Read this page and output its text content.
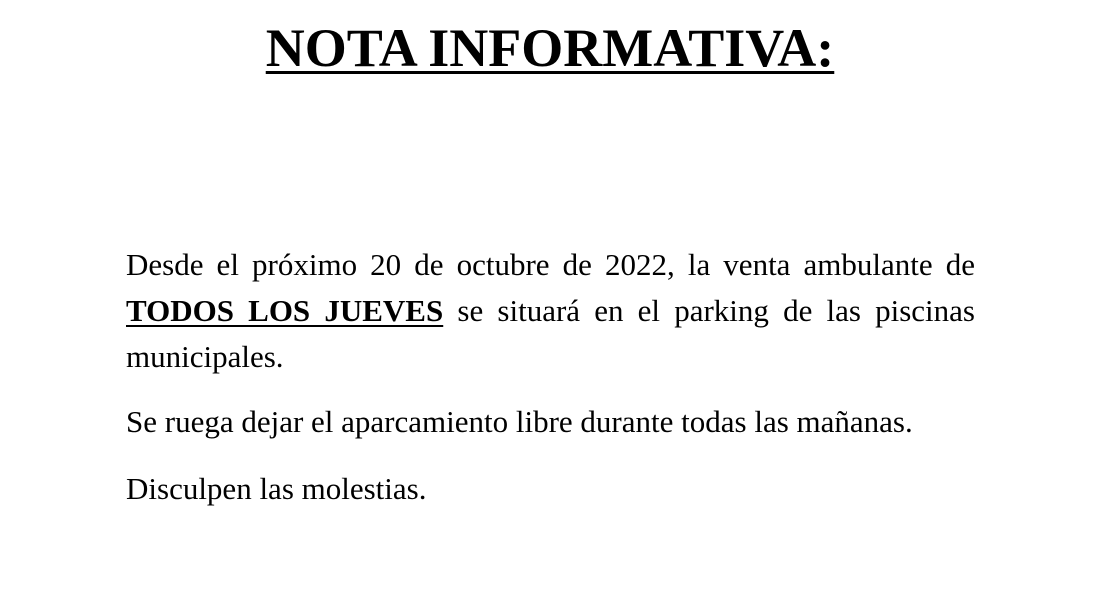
NOTA INFORMATIVA:

Desde el próximo 20 de octubre de 2022, la venta ambulante de TODOS LOS JUEVES se situará en el parking de las piscinas municipales.

Se ruega dejar el aparcamiento libre durante todas las mañanas.

Disculpen las molestias.
